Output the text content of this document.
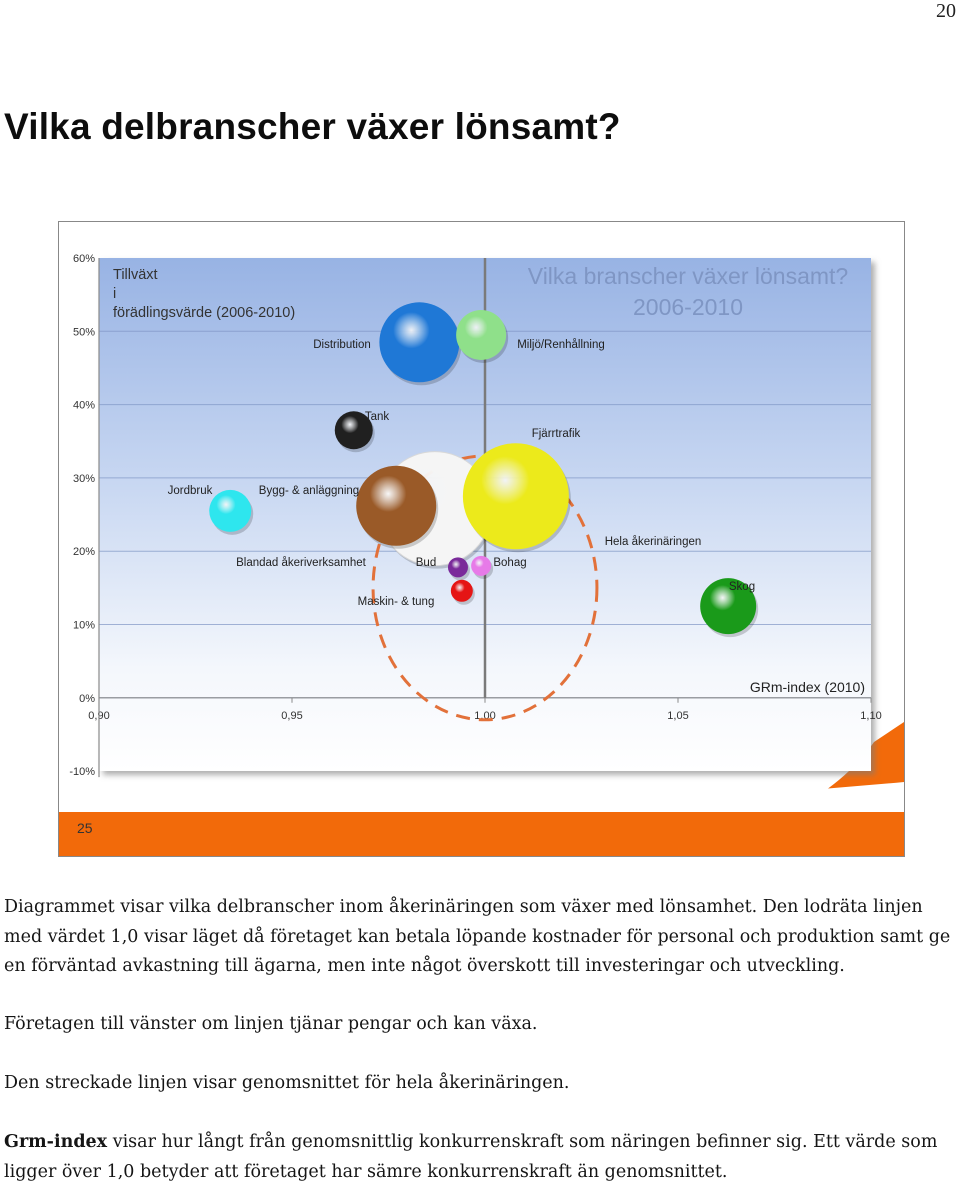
20
Vilka delbranscher växer lönsamt?
60%
50%
40%
30%
20%
10%
0%
-10%
0,90	0,95	1,00	1,05	1,10
Distribution	Miljö/Renhållning
Tank
Fjärrtrafik
Jordbruk	Bygg- & anläggning
Blandad åkeriverksamhet	Bud	Bohag
Maskin- & tung
Skog
Hela åkerinäringen
Tillväxt
i
förädlingsvärde (2006-2010)
Vilka branscher växer lönsamt?
2006-2010
GRm-index (2010)
25

Diagrammet visar vilka delbranscher inom åkerinäringen som växer med lönsamhet. Den lodräta linjen med värdet 1,0 visar läget då företaget kan betala löpande kostnader för personal och produktion samt ge en förväntad avkastning till ägarna, men inte något överskott till investeringar och utveckling.

Företagen till vänster om linjen tjänar pengar och kan växa.

Den streckade linjen visar genomsnittet för hela åkerinäringen.

Grm-index visar hur långt från genomsnittlig konkurrenskraft som näringen befinner sig. Ett värde som ligger över 1,0 betyder att företaget har sämre konkurrenskraft än genomsnittet.
